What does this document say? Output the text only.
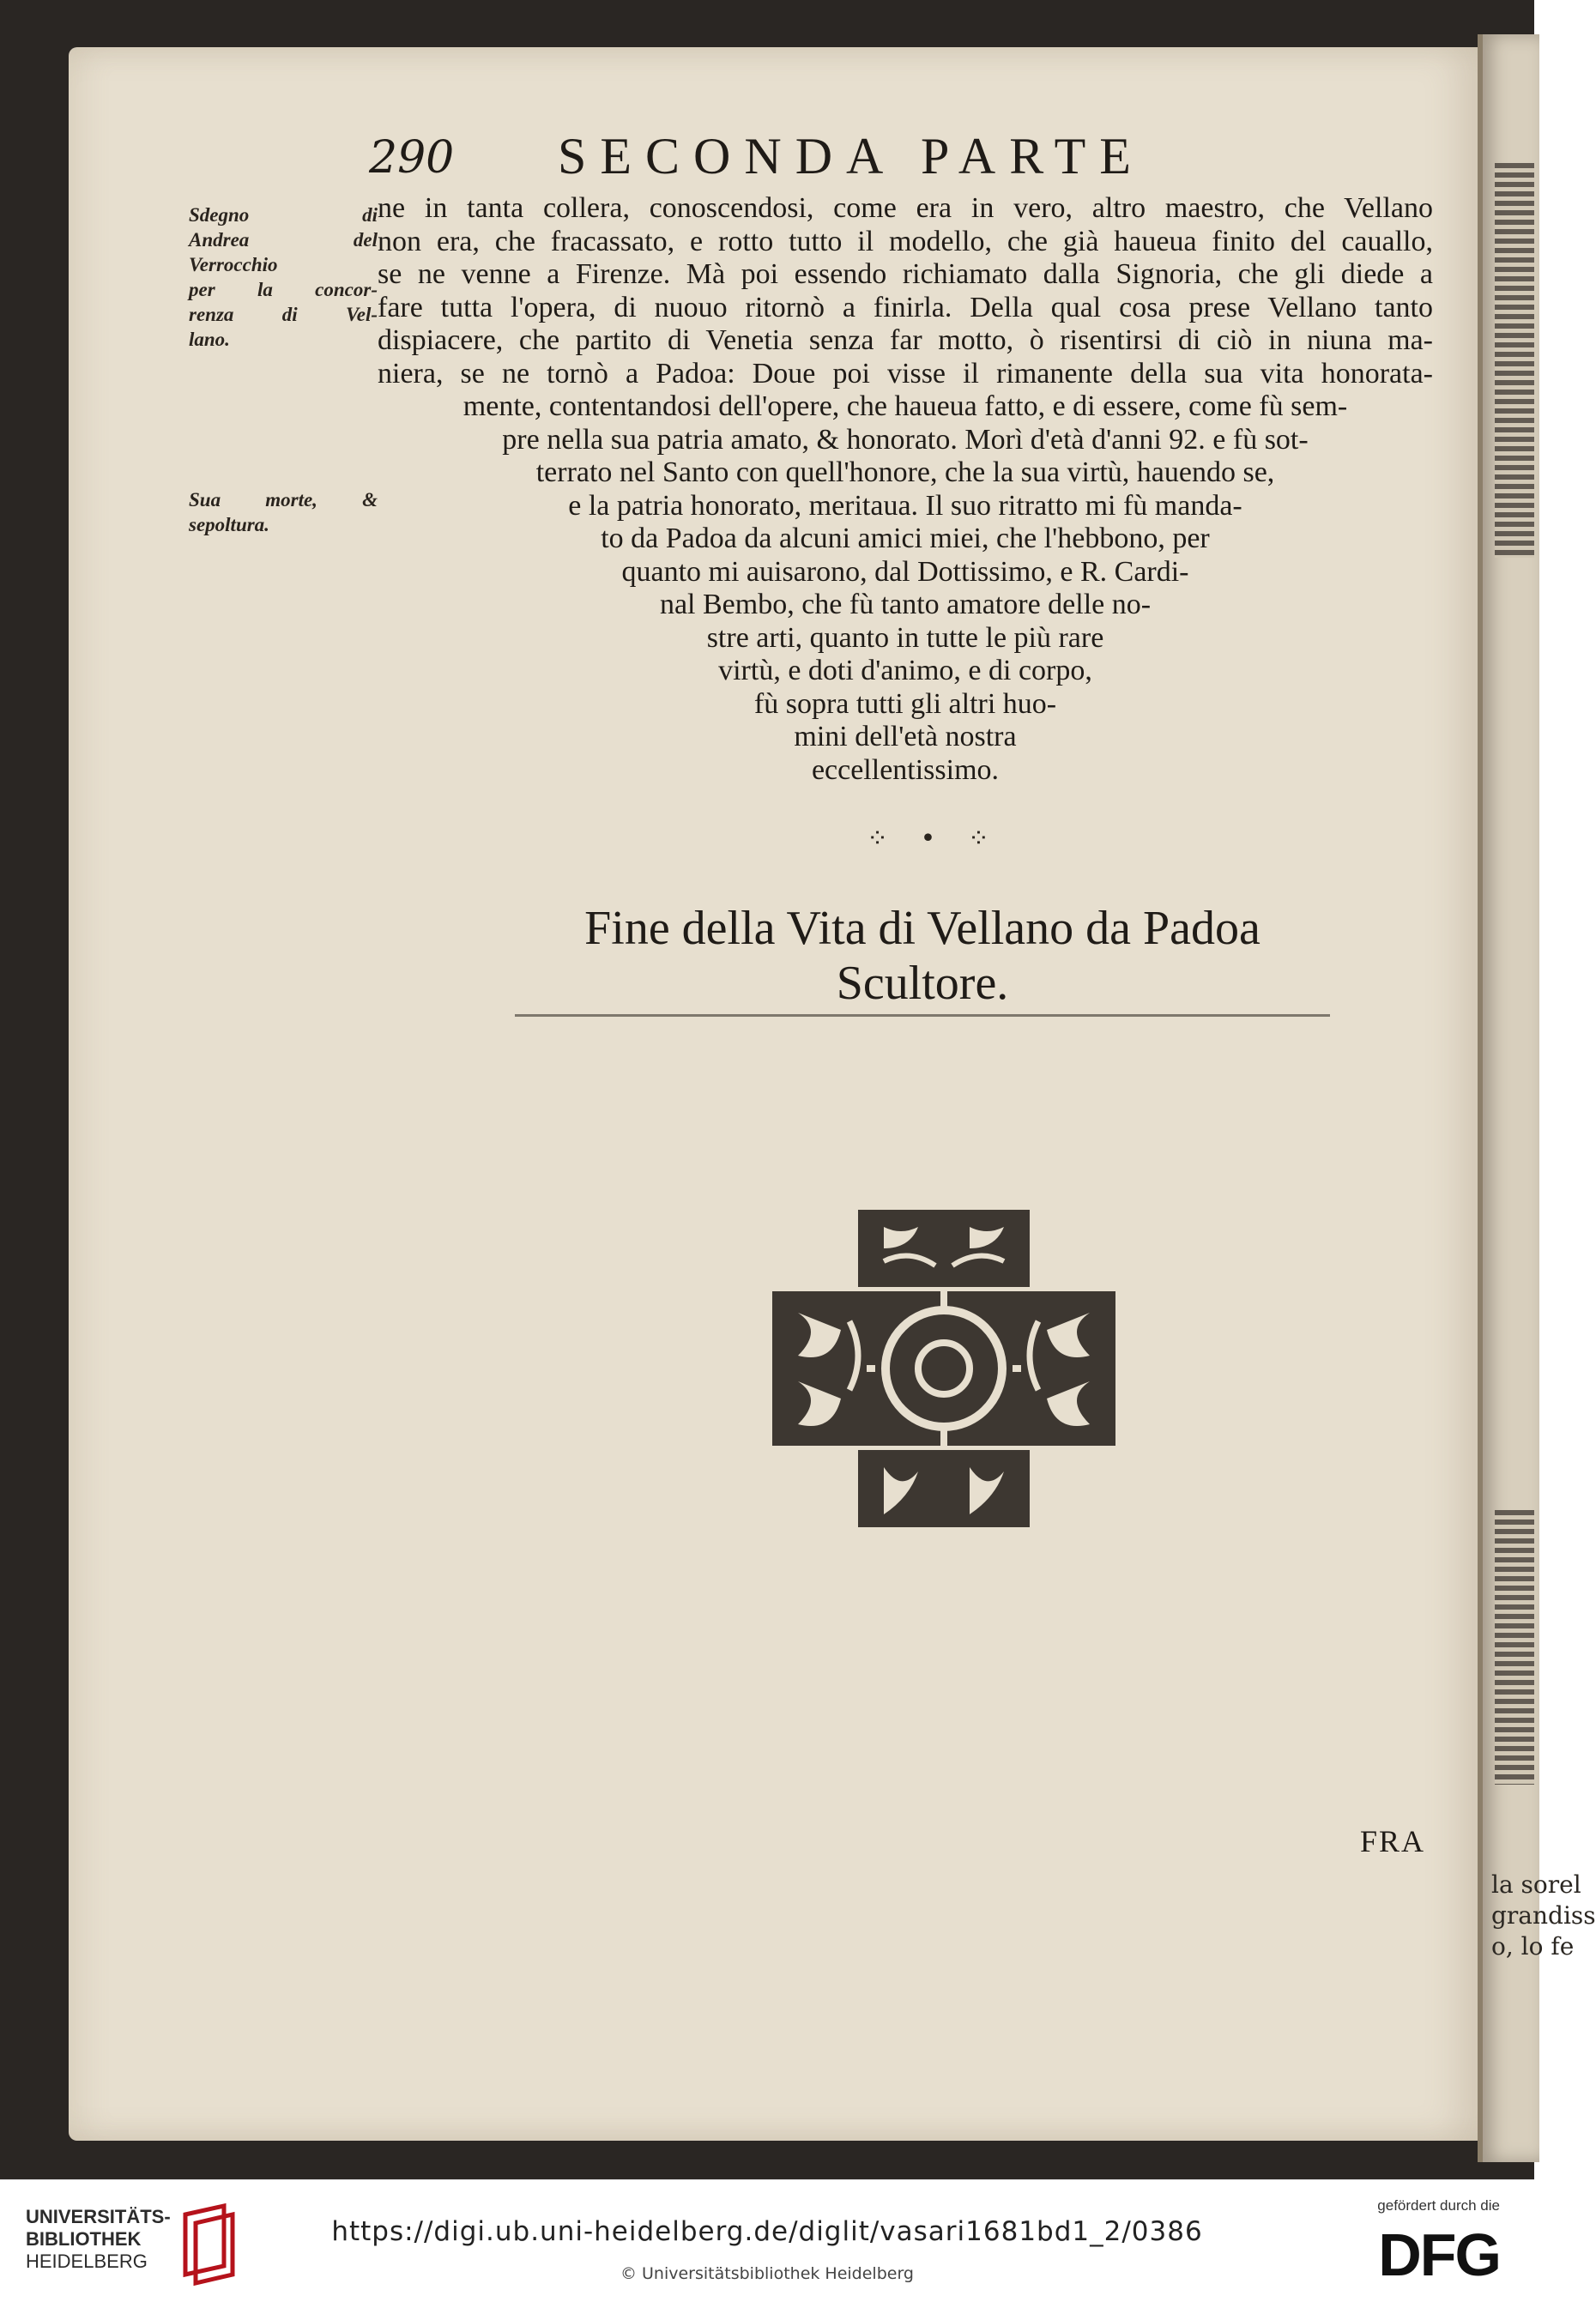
la sorel
grandiss
o, lo fe
290 SECONDA PARTE
Sdegno di
Andrea del
Verrocchio
per la concor-
renza di Vel-
lano.
Sua morte, &
sepoltura.
ne in tanta collera, conoscendosi, come era in vero, altro maestro, che Vellano
non era, che fracassato, e rotto tutto il modello, che già haueua finito del cauallo,
se ne venne a Firenze. Mà poi essendo richiamato dalla Signoria, che gli diede a
fare tutta l'opera, di nuouo ritornò a finirla. Della qual cosa prese Vellano tanto
dispiacere, che partito di Venetia senza far motto, ò risentirsi di ciò in niuna ma-
niera, se ne tornò a Padoa: Doue poi visse il rimanente della sua vita honorata-
mente, contentandosi dell'opere, che haueua fatto, e di essere, come fù sem-
pre nella sua patria amato, & honorato. Morì d'età d'anni 92. e fù sot-
terrato nel Santo con quell'honore, che la sua virtù, hauendo se,
e la patria honorato, meritaua. Il suo ritratto mi fù manda-
to da Padoa da alcuni amici miei, che l'hebbono, per
quanto mi auisarono, dal Dottissimo, e R. Cardi-
nal Bembo, che fù tanto amatore delle no-
stre arti, quanto in tutte le più rare
virtù, e doti d'animo, e di corpo,
fù sopra tutti gli altri huo-
mini dell'età nostra
eccellentissimo.
⁘ • ⁘
Fine della Vita di Vellano da Padoa Scultore.
FRA
UNIVERSITÄTS-
BIBLIOTHEK
HEIDELBERG
https://digi.ub.uni-heidelberg.de/diglit/vasari1681bd1_2/0386
© Universitätsbibliothek Heidelberg
gefördert durch die
DFG
